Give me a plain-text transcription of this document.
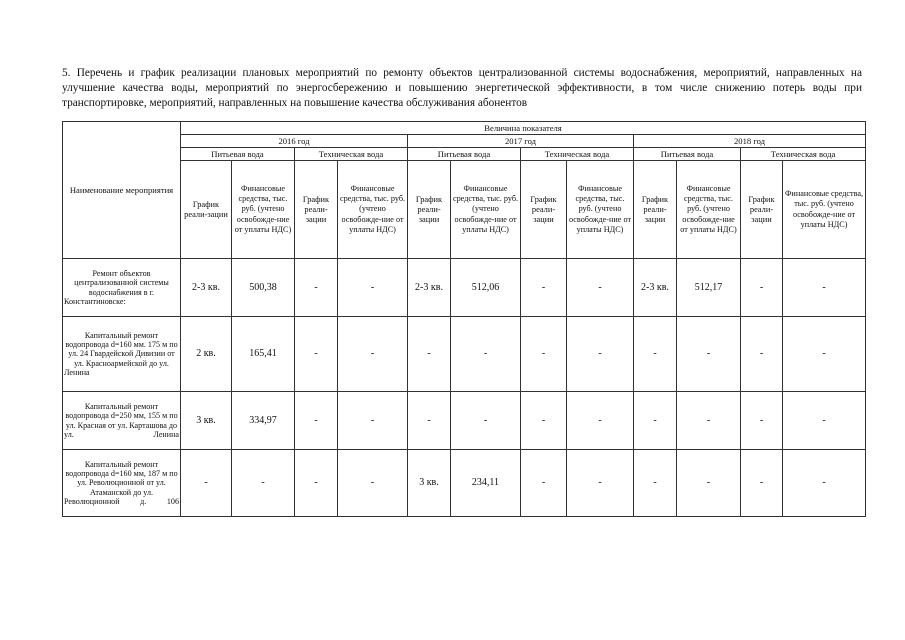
5. Перечень и график реализации плановых мероприятий по ремонту объектов централизованной системы водоснабжения, мероприятий, направленных на улучшение качества воды, мероприятий по энергосбережению и повышению энергетической эффективности, в том числе снижению потерь воды при транспортировке, мероприятий, направленных на повышение качества обслуживания абонентов
Наименование мероприятия	Величина показателя											
	2016 год				2017 год				2018 год			
	Питьевая вода		Техническая вода		Питьевая вода		Техническая вода		Питьевая вода		Техническая вода	
	График реали-зации	Финансовые средства, тыс. руб. (учтено освобожде-ние от уплаты НДС)	График реали-зации	Финансовые средства, тыс. руб. (учтено освобожде-ние от уплаты НДС)	График реали-зации	Финансовые средства, тыс. руб. (учтено освобожде-ние от уплаты НДС)	График реали-зации	Финансовые средства, тыс. руб. (учтено освобожде-ние от уплаты НДС)	График реали-зации	Финансовые средства, тыс. руб. (учтено освобожде-ние от уплаты НДС)	График реали-зации	Финансовые средства, тыс. руб. (учтено освобожде-ние от уплаты НДС)
Ремонт объектов централизованной системы водоснабжения в г. Константиновске:	2-3 кв.	500,38	-	-	2-3 кв.	512,06	-	-	2-3 кв.	512,17	-	-
Капитальный ремонт водопровода d=160 мм. 175 м по ул. 24 Гвардейской Дивизии от ул. Красноармейской до ул. Ленина	2 кв.	165,41	-	-	-	-	-	-	-	-	-	-
Капитальный ремонт водопровода d=250 мм, 155 м по ул. Красная от ул. Карташова до ул. Ленина	3 кв.	334,97	-	-	-	-	-	-	-	-	-	-
Капитальный ремонт водопровода d=160 мм, 187 м по ул. Революционной от ул. Атаманской до ул. Революционной д. 106	-	-	-	-	3 кв.	234,11	-	-	-	-	-	-
